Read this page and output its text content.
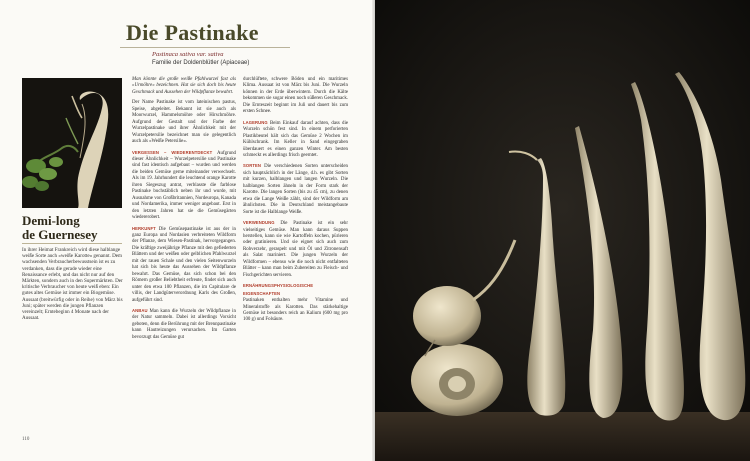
Die Pastinake
Pastinaca sativa var. sativa
Familie der Doldenblütler (Apiaceae)
Demi-long
de Guernesey
In ihrer Heimat Frankreich wird diese halblange weiße Sorte auch »weiße Karotte« genannt. Dem wachsenden Verbraucherbewusstsein ist es zu verdanken, dass die gerade wieder eine Renaissance erlebt, und das nicht nur auf den Märkten, sondern auch in den Supermärkten. Der kritische Verbraucher von heute weiß eben: Ein gutes altes Gemüse ist immer ein Biogemüse. Aussaat (breitwürfig oder in Reihe) von März bis Juni; später werden die jungen Pflanzen vereinzelt; Erntebeginn 4 Monate nach der Aussaat.

Man könnte die große weiße Pfahlwurzel fast als »Urmöhre« bezeichnen. Hat sie sich doch bis heute Geschmack und Aussehen der Wildpflanze bewahrt.

Der Name Pastinake ist vom lateinischen pastus, Speise, abgeleitet. Bekannt ist sie auch als Moorwurzel, Hammelsmöhre oder Hirschmöhre. Aufgrund der Gestalt und der Farbe der Wurzelpastinake und ihrer Ähnlichkeit mit der Wurzelpetersilie bezeichnet man sie gelegentlich auch als »Weiße Petersilie«.

VERGESSEN – WIEDERENTDECKT Aufgrund dieser Ähnlichkeit – Wurzelpetersilie und Pastinake sind fast identisch aufgebaut – wurden und werden die beiden Gemüse gerne miteinander verwechselt. Als im 19. Jahrhundert die leuchtend orange Karotte ihren Siegeszug antrat, verblasste die farblose Pastinake buchstäblich neben ihr und wurde, mit Ausnahme von Großbritannien, Nordeuropa, Kanada und Nordamerika, immer weniger angebaut. Erst in den letzten Jahren hat sie die Gemüsegärten wiedererobert.

HERKUNFT Die Gemüsepastinake ist aus der in ganz Europa und Nordasien verbreiteten Wildform der Pflanze, dem Wiesen-Pastinak, hervorgegangen. Die kräftige zweijährige Pflanze mit den gefiederten Blättern und der weißen oder gelblichen Pfahlwurzel mit der rauen Schale und den vielen Seitenwurzeln hat sich bis heute das Aussehen der Wildpflanze bewahrt. Das Gemüse, das sich schon bei den Römern großer Beliebtheit erfreute, findet sich auch unter den etwa 100 Pflanzen, die im Capitulare de villis, der Landgüterverordnung Karls des Großen, aufgeführt sind.

ANBAU Man kann die Wurzeln der Wildpflanze in der Natur sammeln. Dabei ist allerdings Vorsicht geboten, denn die Berührung mit der Brennpastinake kann Hautreizungen verursachen. Im Garten bevorzugt das Gemüse gut

durchlüftete, schwere Böden und ein maritimes Klima. Aussaat ist von März bis Juni. Die Wurzeln können in der Erde überwintern. Durch die Kälte bekommen sie sogar einen noch süßeren Geschmack. Die Ernteszeit beginnt im Juli und dauert bis zum ersten Schnee.

LAGERUNG Beim Einkauf darauf achten, dass die Wurzeln schön fest sind. In einem perforierten Plastikbeutel hält sich das Gemüse 2 Wochen im Kühlschrank. Im Keller in Sand eingegraben überdauert es einen ganzen Winter. Am besten schmeckt es allerdings frisch geerntet.

SORTEN Die verschiedenen Sorten unterscheiden sich hauptsächlich in der Länge, d.h. es gibt Sorten mit kurzen, halblangen und langen Wurzeln. Die halblangen Sorten ähneln in der Form stark der Karotte. Die langen Sorten (bis zu 45 cm), zu denen etwa die Lange Weiße zählt, sind der Wildform am ähnlichsten. Die in Deutschland meistangebaute Sorte ist die Halblange Weiße.

VERWENDUNG Die Pastinake ist ein sehr vielseitiges Gemüse. Man kann daraus Suppen herstellen, kann sie wie Kartoffeln kochen, pürieren oder gratinieren. Und sie eignet sich auch zum Rohverzehr, geraspelt und mit Öl und Zitronensaft als Salat mariniert. Die jungen Wurzeln der Wildformen – ebenso wie die noch nicht entfalteten Blätter – kann man beim Zubereiten zu Fleisch- und Fischgerichten servieren.

ERNÄHRUNGSPHYSIOLOGISCHE EIGENSCHAFTEN
Pastinaken enthalten mehr Vitamine und Mineralstoffe als Karotten. Das stärkehaltige Gemüse ist besonders reich an Kalium (600 mg pro 100 g) und Folsäure.

110
